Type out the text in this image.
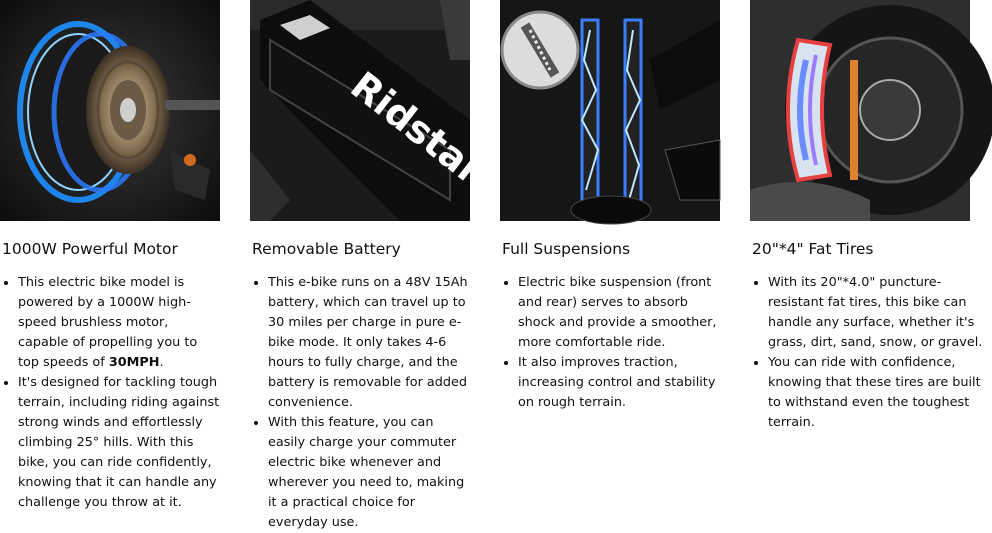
1000W Powerful Motor
• This electric bike model is powered by a 1000W high-speed brushless motor, capable of propelling you to top speeds of 30MPH.
• It's designed for tackling tough terrain, including riding against strong winds and effortlessly climbing 25° hills. With this bike, you can ride confidently, knowing that it can handle any challenge you throw at it.
Ridstar
Removable Battery
• This e-bike runs on a 48V 15Ah battery, which can travel up to 30 miles per charge in pure e-bike mode. It only takes 4-6 hours to fully charge, and the battery is removable for added convenience.
• With this feature, you can easily charge your commuter electric bike whenever and wherever you need to, making it a practical choice for everyday use.
Full Suspensions
• Electric bike suspension (front and rear) serves to absorb shock and provide a smoother, more comfortable ride.
• It also improves traction, increasing control and stability on rough terrain.
20"*4" Fat Tires
• With its 20"*4.0" puncture-resistant fat tires, this bike can handle any surface, whether it's grass, dirt, sand, snow, or gravel.
• You can ride with confidence, knowing that these tires are built to withstand even the toughest terrain.
